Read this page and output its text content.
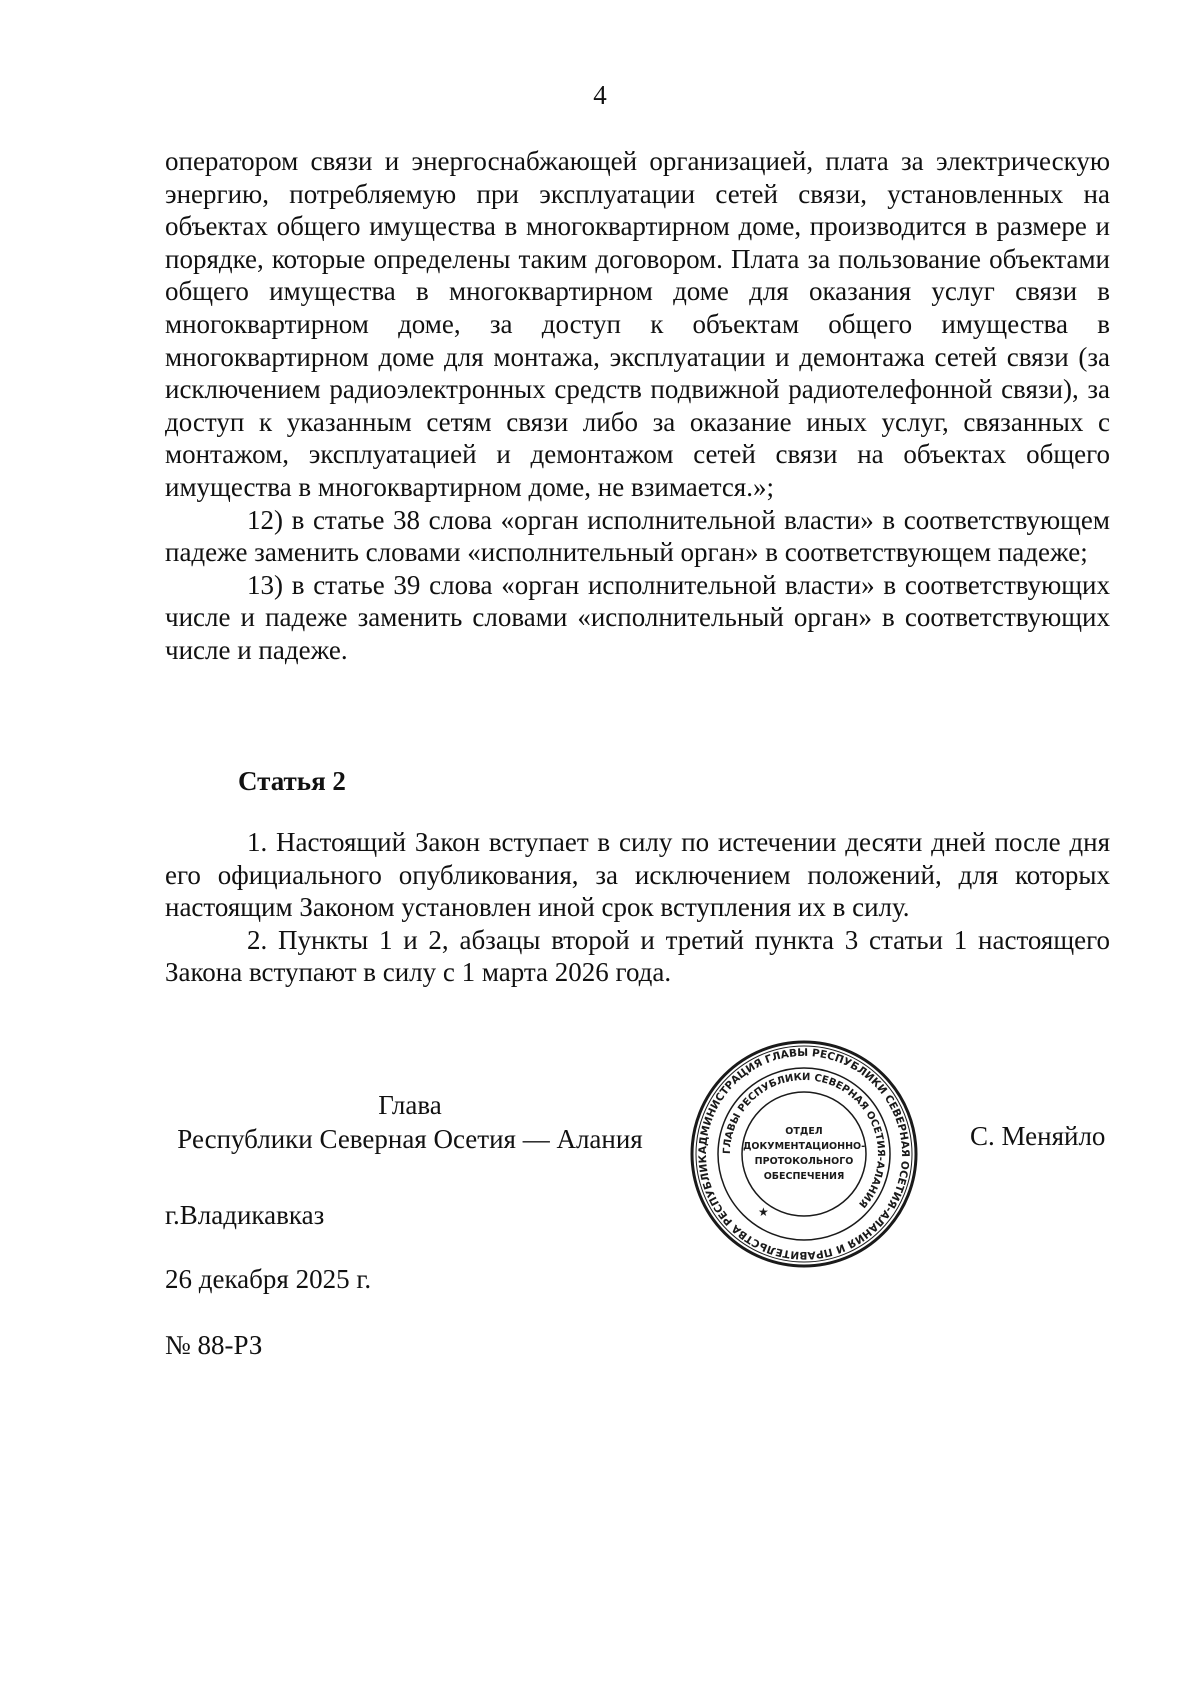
4

оператором связи и энергоснабжающей организацией, плата за электрическую энергию, потребляемую при эксплуатации сетей связи, установленных на объектах общего имущества в многоквартирном доме, производится в размере и порядке, которые определены таким договором. Плата за пользование объектами общего имущества в многоквартирном доме для оказания услуг связи в многоквартирном доме, за доступ к объектам общего имущества в многоквартирном доме для монтажа, эксплуатации и демонтажа сетей связи (за исключением радиоэлектронных средств подвижной радиотелефонной связи), за доступ к указанным сетям связи либо за оказание иных услуг, связанных с монтажом, эксплуатацией и демонтажом сетей связи на объектах общего имущества в многоквартирном доме, не взимается.»;

12) в статье 38 слова «орган исполнительной власти» в соответствующем падеже заменить словами «исполнительный орган» в соответствующем падеже;

13) в статье 39 слова «орган исполнительной власти» в соответствующих числе и падеже заменить словами «исполнительный орган» в соответствующих числе и падеже.

Статья 2

1. Настоящий Закон вступает в силу по истечении десяти дней после дня его официального опубликования, за исключением положений, для которых настоящим Законом установлен иной срок вступления их в силу.

2. Пункты 1 и 2, абзацы второй и третий пункта 3 статьи 1 настоящего Закона вступают в силу с 1 марта 2026 года.

Глава
Республики Северная Осетия — Алания	АДМИНИСТРАЦИЯ ГЛАВЫ РЕСПУБЛИКИ СЕВЕРНАЯ ОСЕТИЯ-АЛАНИЯ И ПРАВИТЕЛЬСТВА РЕСПУБЛИК
ГЛАВЫ РЕСПУБЛИКИ СЕВЕРНАЯ ОСЕТИЯ-АЛАНИЯ
ОТДЕЛ
ДОКУМЕНТАЦИОННО-
ПРОТОКОЛЬНОГО
ОБЕСПЕЧЕНИЯ
★
С. Меняйло
г.Владикавказ
26 декабря 2025 г.
№ 88-РЗ
